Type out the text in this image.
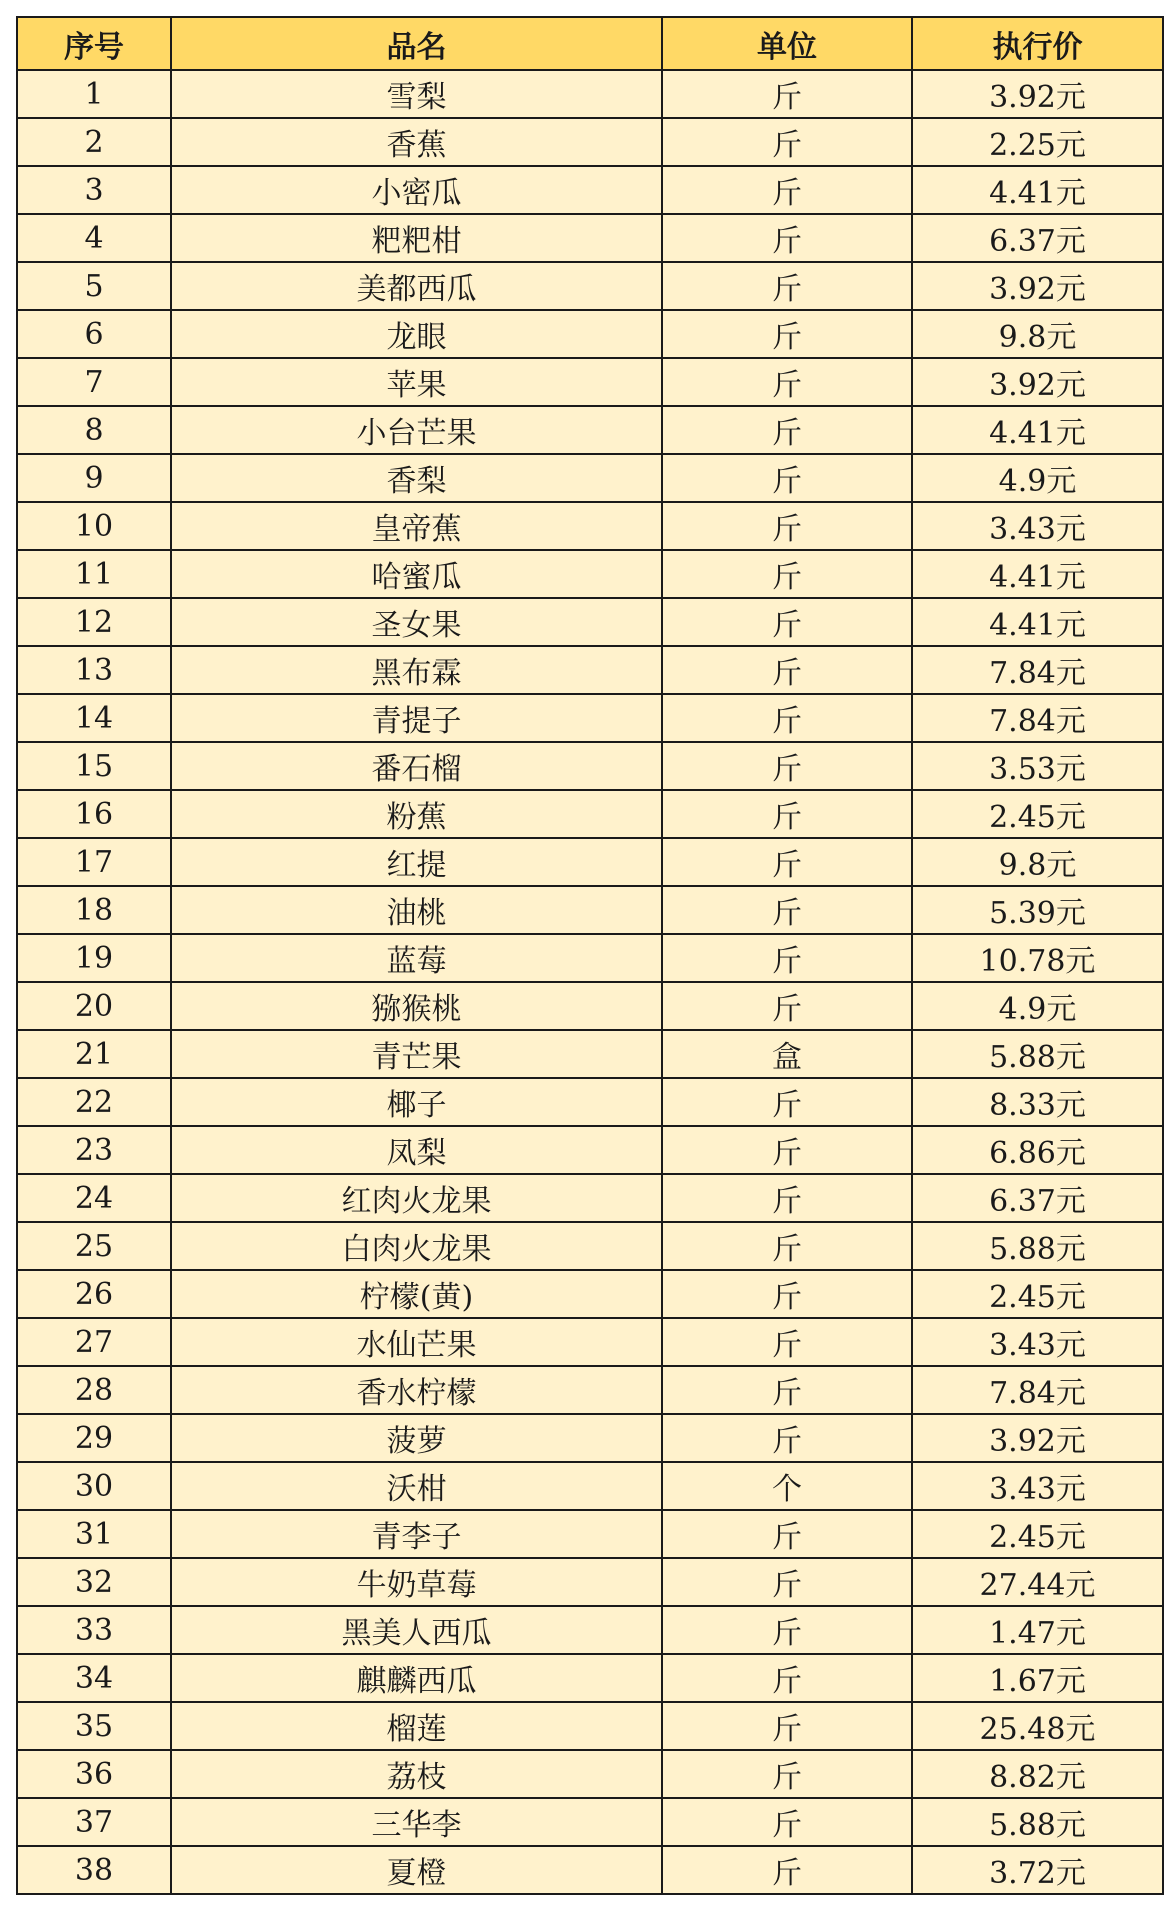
序号	品名	单位	执行价
1	雪梨	斤	3.92元
2	香蕉	斤	2.25元
3	小密瓜	斤	4.41元
4	粑粑柑	斤	6.37元
5	美都西瓜	斤	3.92元
6	龙眼	斤	9.8元
7	苹果	斤	3.92元
8	小台芒果	斤	4.41元
9	香梨	斤	4.9元
10	皇帝蕉	斤	3.43元
11	哈蜜瓜	斤	4.41元
12	圣女果	斤	4.41元
13	黑布霖	斤	7.84元
14	青提子	斤	7.84元
15	番石榴	斤	3.53元
16	粉蕉	斤	2.45元
17	红提	斤	9.8元
18	油桃	斤	5.39元
19	蓝莓	斤	10.78元
20	猕猴桃	斤	4.9元
21	青芒果	盒	5.88元
22	椰子	斤	8.33元
23	凤梨	斤	6.86元
24	红肉火龙果	斤	6.37元
25	白肉火龙果	斤	5.88元
26	柠檬(黄)	斤	2.45元
27	水仙芒果	斤	3.43元
28	香水柠檬	斤	7.84元
29	菠萝	斤	3.92元
30	沃柑	个	3.43元
31	青李子	斤	2.45元
32	牛奶草莓	斤	27.44元
33	黑美人西瓜	斤	1.47元
34	麒麟西瓜	斤	1.67元
35	榴莲	斤	25.48元
36	荔枝	斤	8.82元
37	三华李	斤	5.88元
38	夏橙	斤	3.72元
